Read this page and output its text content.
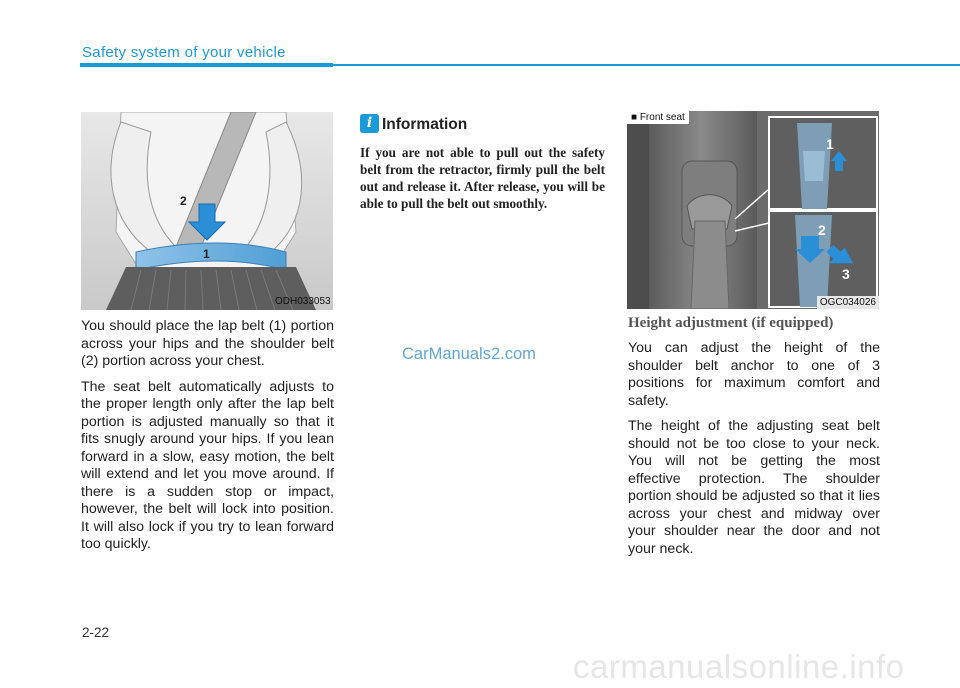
Safety system of your vehicle
2
1
ODH033053

You should place the lap belt (1) portion across your hips and the shoulder belt (2) portion across your chest.

The seat belt automatically adjusts to the proper length only after the lap belt portion is adjusted manually so that it fits snugly around your hips. If you lean forward in a slow, easy motion, the belt will extend and let you move around. If there is a sudden stop or impact, however, the belt will lock into position. It will also lock if you try to lean forward too quickly.

i Information
If you are not able to pull out the safety belt from the retractor, firmly pull the belt out and release it. After release, you will be able to pull the belt out smoothly.
1
2
3
■ Front seat
OGC034026
Height adjustment (if equipped)

You can adjust the height of the shoulder belt anchor to one of 3 positions for maximum comfort and safety.

The height of the adjusting seat belt should not be too close to your neck. You will not be getting the most effective protection. The shoulder portion should be adjusted so that it lies across your chest and midway over your shoulder near the door and not your neck.

CarManuals2.com
2-22
carmanualsonline.info
